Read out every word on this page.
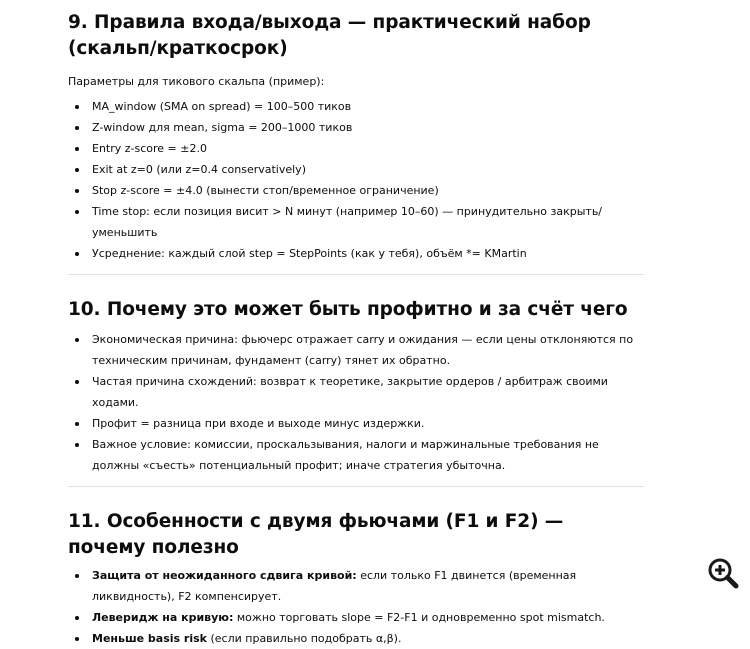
9. Правила входа/выхода — практический набор (скальп/краткосрок)

Параметры для тикового скальпа (пример):

MA_window (SMA on spread) = 100–500 тиков
Z-window для mean, sigma = 200–1000 тиков
Entry z-score = ±2.0
Exit at z=0 (или z=0.4 conservatively)
Stop z-score = ±4.0 (вынести стоп/временное ограничение)
Time stop: если позиция висит > N минут (например 10–60) — принудительно закрыть/уменьшить
Усреднение: каждый слой step = StepPoints (как у тебя), объём *= KMartin
10. Почему это может быть профитно и за счёт чего
Экономическая причина: фьючерс отражает carry и ожидания — если цены отклоняются по техническим причинам, фундамент (carry) тянет их обратно.
Частая причина схождений: возврат к теоретике, закрытие ордеров / арбитраж своими ходами.
Профит = разница при входе и выходе минус издержки.
Важное условие: комиссии, проскальзывания, налоги и маржинальные требования не должны «съесть» потенциальный профит; иначе стратегия убыточна.
11. Особенности с двумя фьючами (F1 и F2) — почему полезно
Защита от неожиданного сдвига кривой: если только F1 двинется (временная ликвидность), F2 компенсирует.
Леверидж на кривую: можно торговать slope = F2-F1 и одновременно spot mismatch.
Меньше basis risk (если правильно подобрать α,β).
